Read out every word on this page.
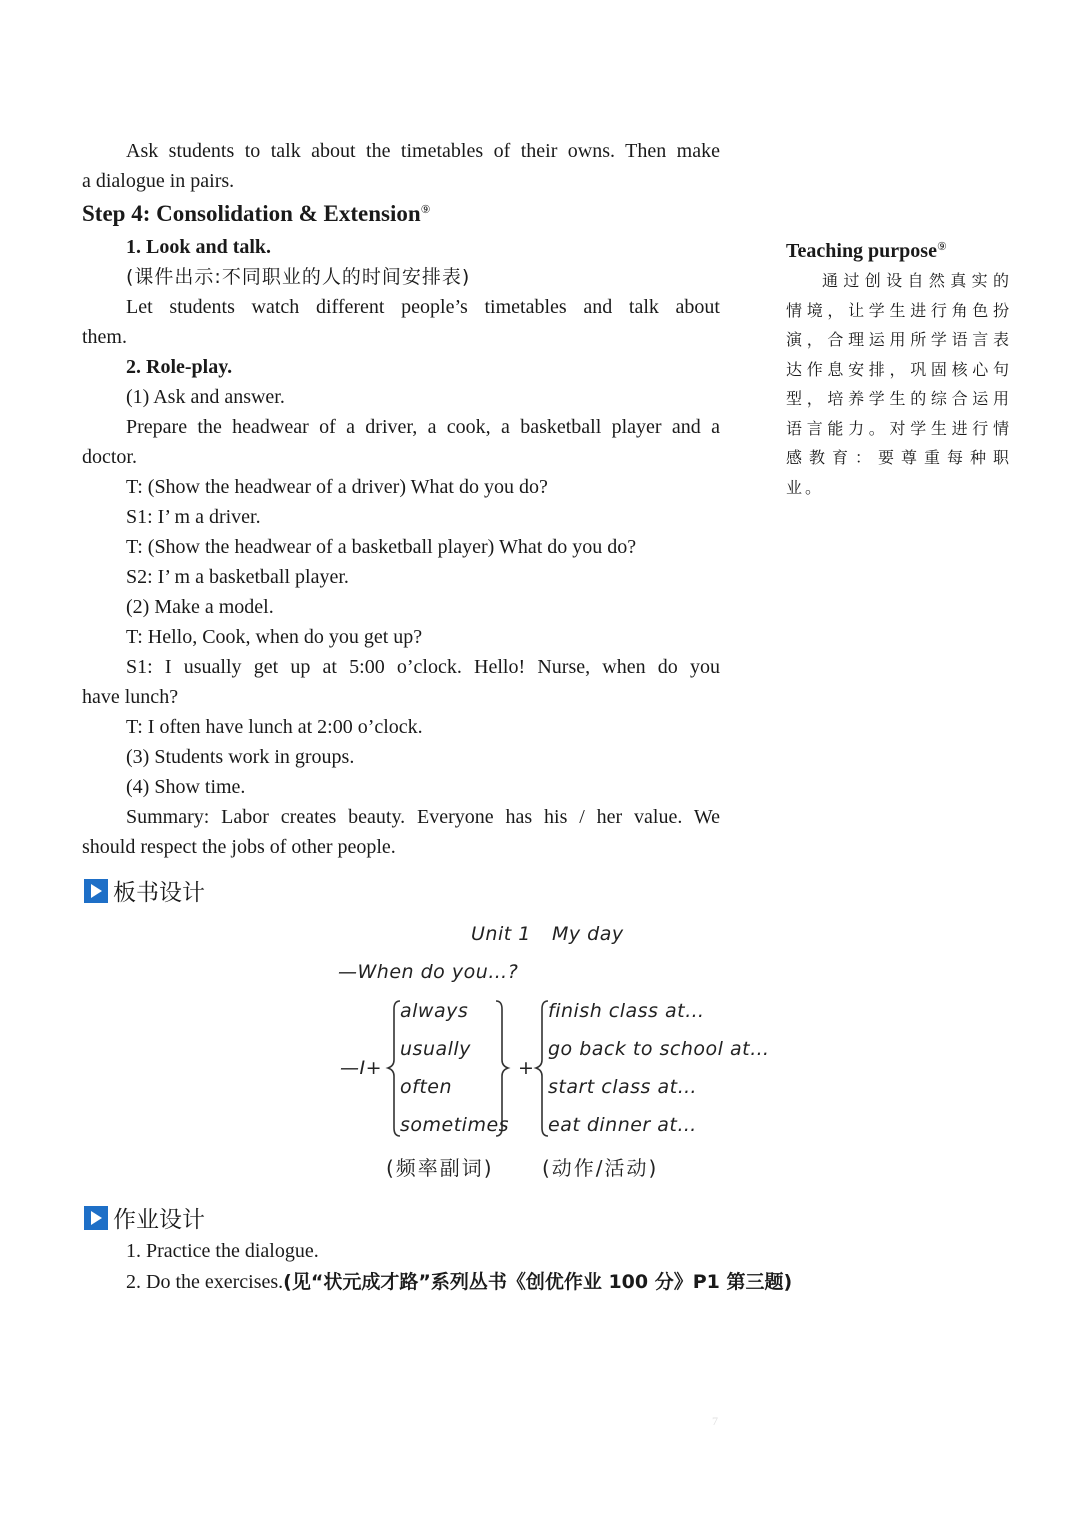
Ask students to talk about the timetables of their owns. Then make

a dialogue in pairs.

Step 4: Consolidation & Extension⑨

1. Look and talk.

(课件出示:不同职业的人的时间安排表)

Let students watch different people’s timetables and talk about

them.

2. Role-play.

(1) Ask and answer.

Prepare the headwear of a driver, a cook, a basketball player and a

doctor.

T: (Show the headwear of a driver) What do you do?

S1: I’ m a driver.

T: (Show the headwear of a basketball player) What do you do?

S2: I’ m a basketball player.

(2) Make a model.

T: Hello, Cook, when do you get up?

S1: I usually get up at 5:00 o’clock. Hello! Nurse, when do you

have lunch?

T: I often have lunch at 2:00 o’clock.

(3) Students work in groups.

(4) Show time.

Summary: Labor creates beauty. Everyone has his / her value. We

should respect the jobs of other people.

Teaching purpose⑨

通过创设自然真实的情境，让学生进行角色扮演，合理运用所学语言表达作息安排，巩固核心句型，培养学生的综合运用语言能力。对学生进行情感教育：要尊重每种职业。

板书设计
Unit 1 My day
—When do you…?
—I+
always
usually
often
sometimes
+
finish class at…
go back to school at…
start class at…
eat dinner at…
(频率副词) (动作/活动)
作业设计

1. Practice the dialogue.

2. Do the exercises.(见“状元成才路”系列丛书《创优作业 100 分》P1 第三题)

7
